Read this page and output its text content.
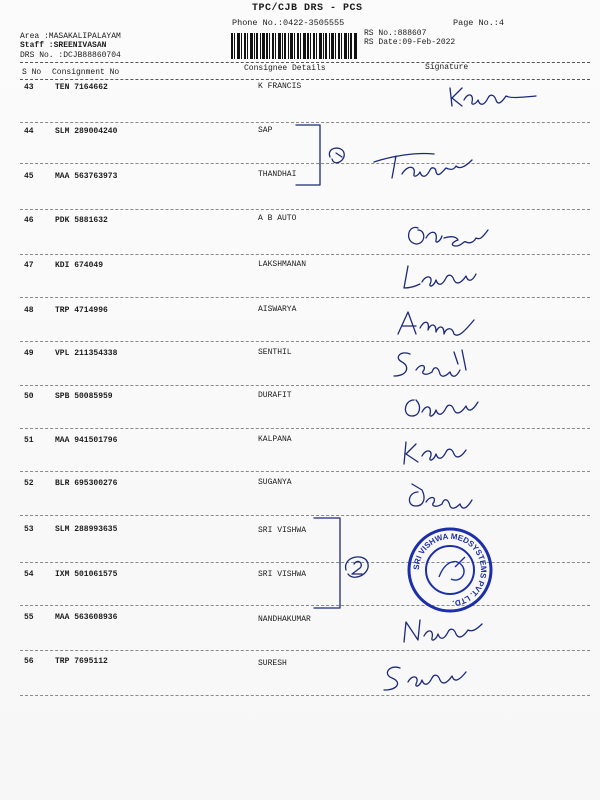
TPC/CJB DRS - PCS
Phone No.:0422-3505555	Page No.:4
Area :MASAKALIPALAYAM
Staff :SREENIVASAN
DRS No. :DCJB88860704
RS No.:888607
RS Date:09-Feb-2022
S No Consignment No	Consignee Details	Signature
43	TEN 7164662	K FRANCIS
44	SLM 289004240	SAP
45	MAA 563763973	THANDHAI
46	PDK 5881632	A B AUTO
47	KDI 674049	LAKSHMANAN
48	TRP 4714996	AISWARYA
49	VPL 211354338	SENTHIL
50	SPB 50085959	DURAFIT
51	MAA 941501796	KALPANA
52	BLR 695300276	SUGANYA
53	SLM 288993635	SRI VISHWA
54	IXM 501061575	SRI VISHWA
55	MAA 563608936	NANDHAKUMAR
56	TRP 7695112	SURESH
SRI VISHWA MEDSYSTEMS PVT. LTD.
